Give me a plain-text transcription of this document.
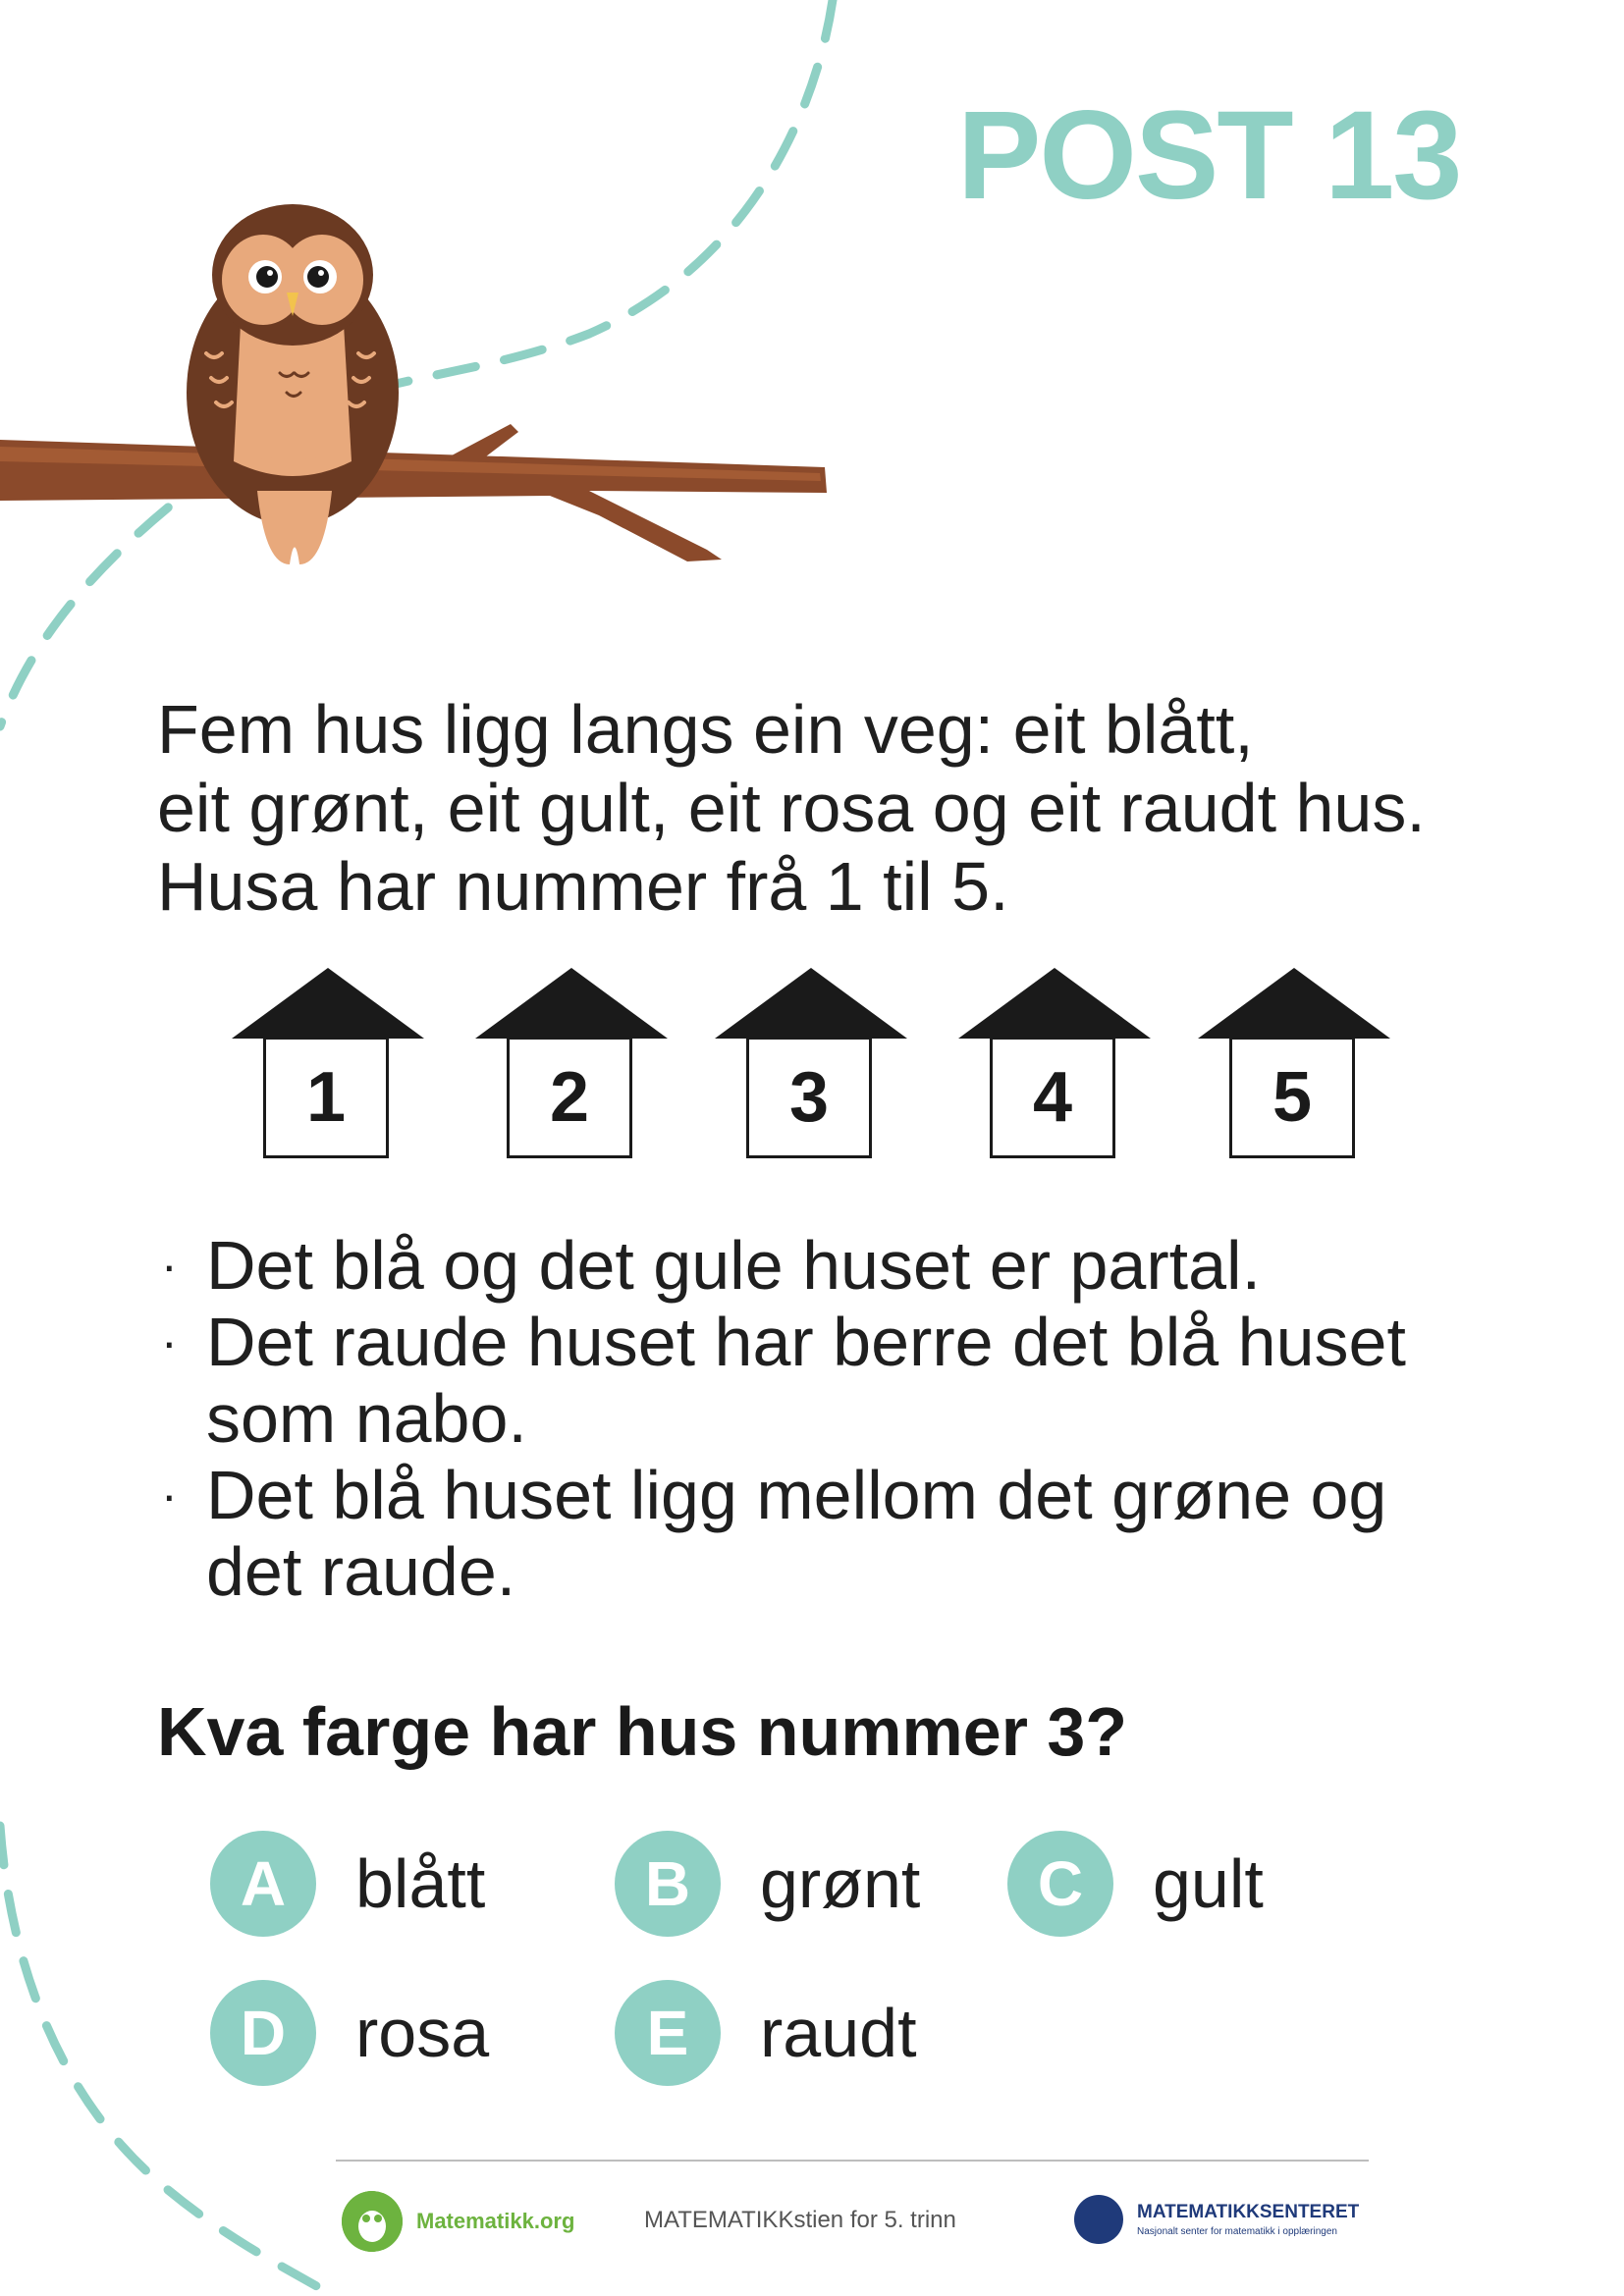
POST 13
Fem hus ligg langs ein veg: eit blått,
eit grønt, eit gult, eit rosa og eit raudt hus.
Husa har nummer frå 1 til 5.
1	2	3	4	5
· Det blå og det gule huset er partal.
· Det raude huset har berre det blå huset som nabo.
· Det blå huset ligg mellom det grøne og det raude.
Kva farge har hus nummer 3?
A	blått	B	grønt	C	gult
D	rosa	E	raudt
Matematikk.org	MATEMATIKKstien for 5. trinn	MATEMATIKKSENTERET
Nasjonalt senter for matematikk i opplæringen
